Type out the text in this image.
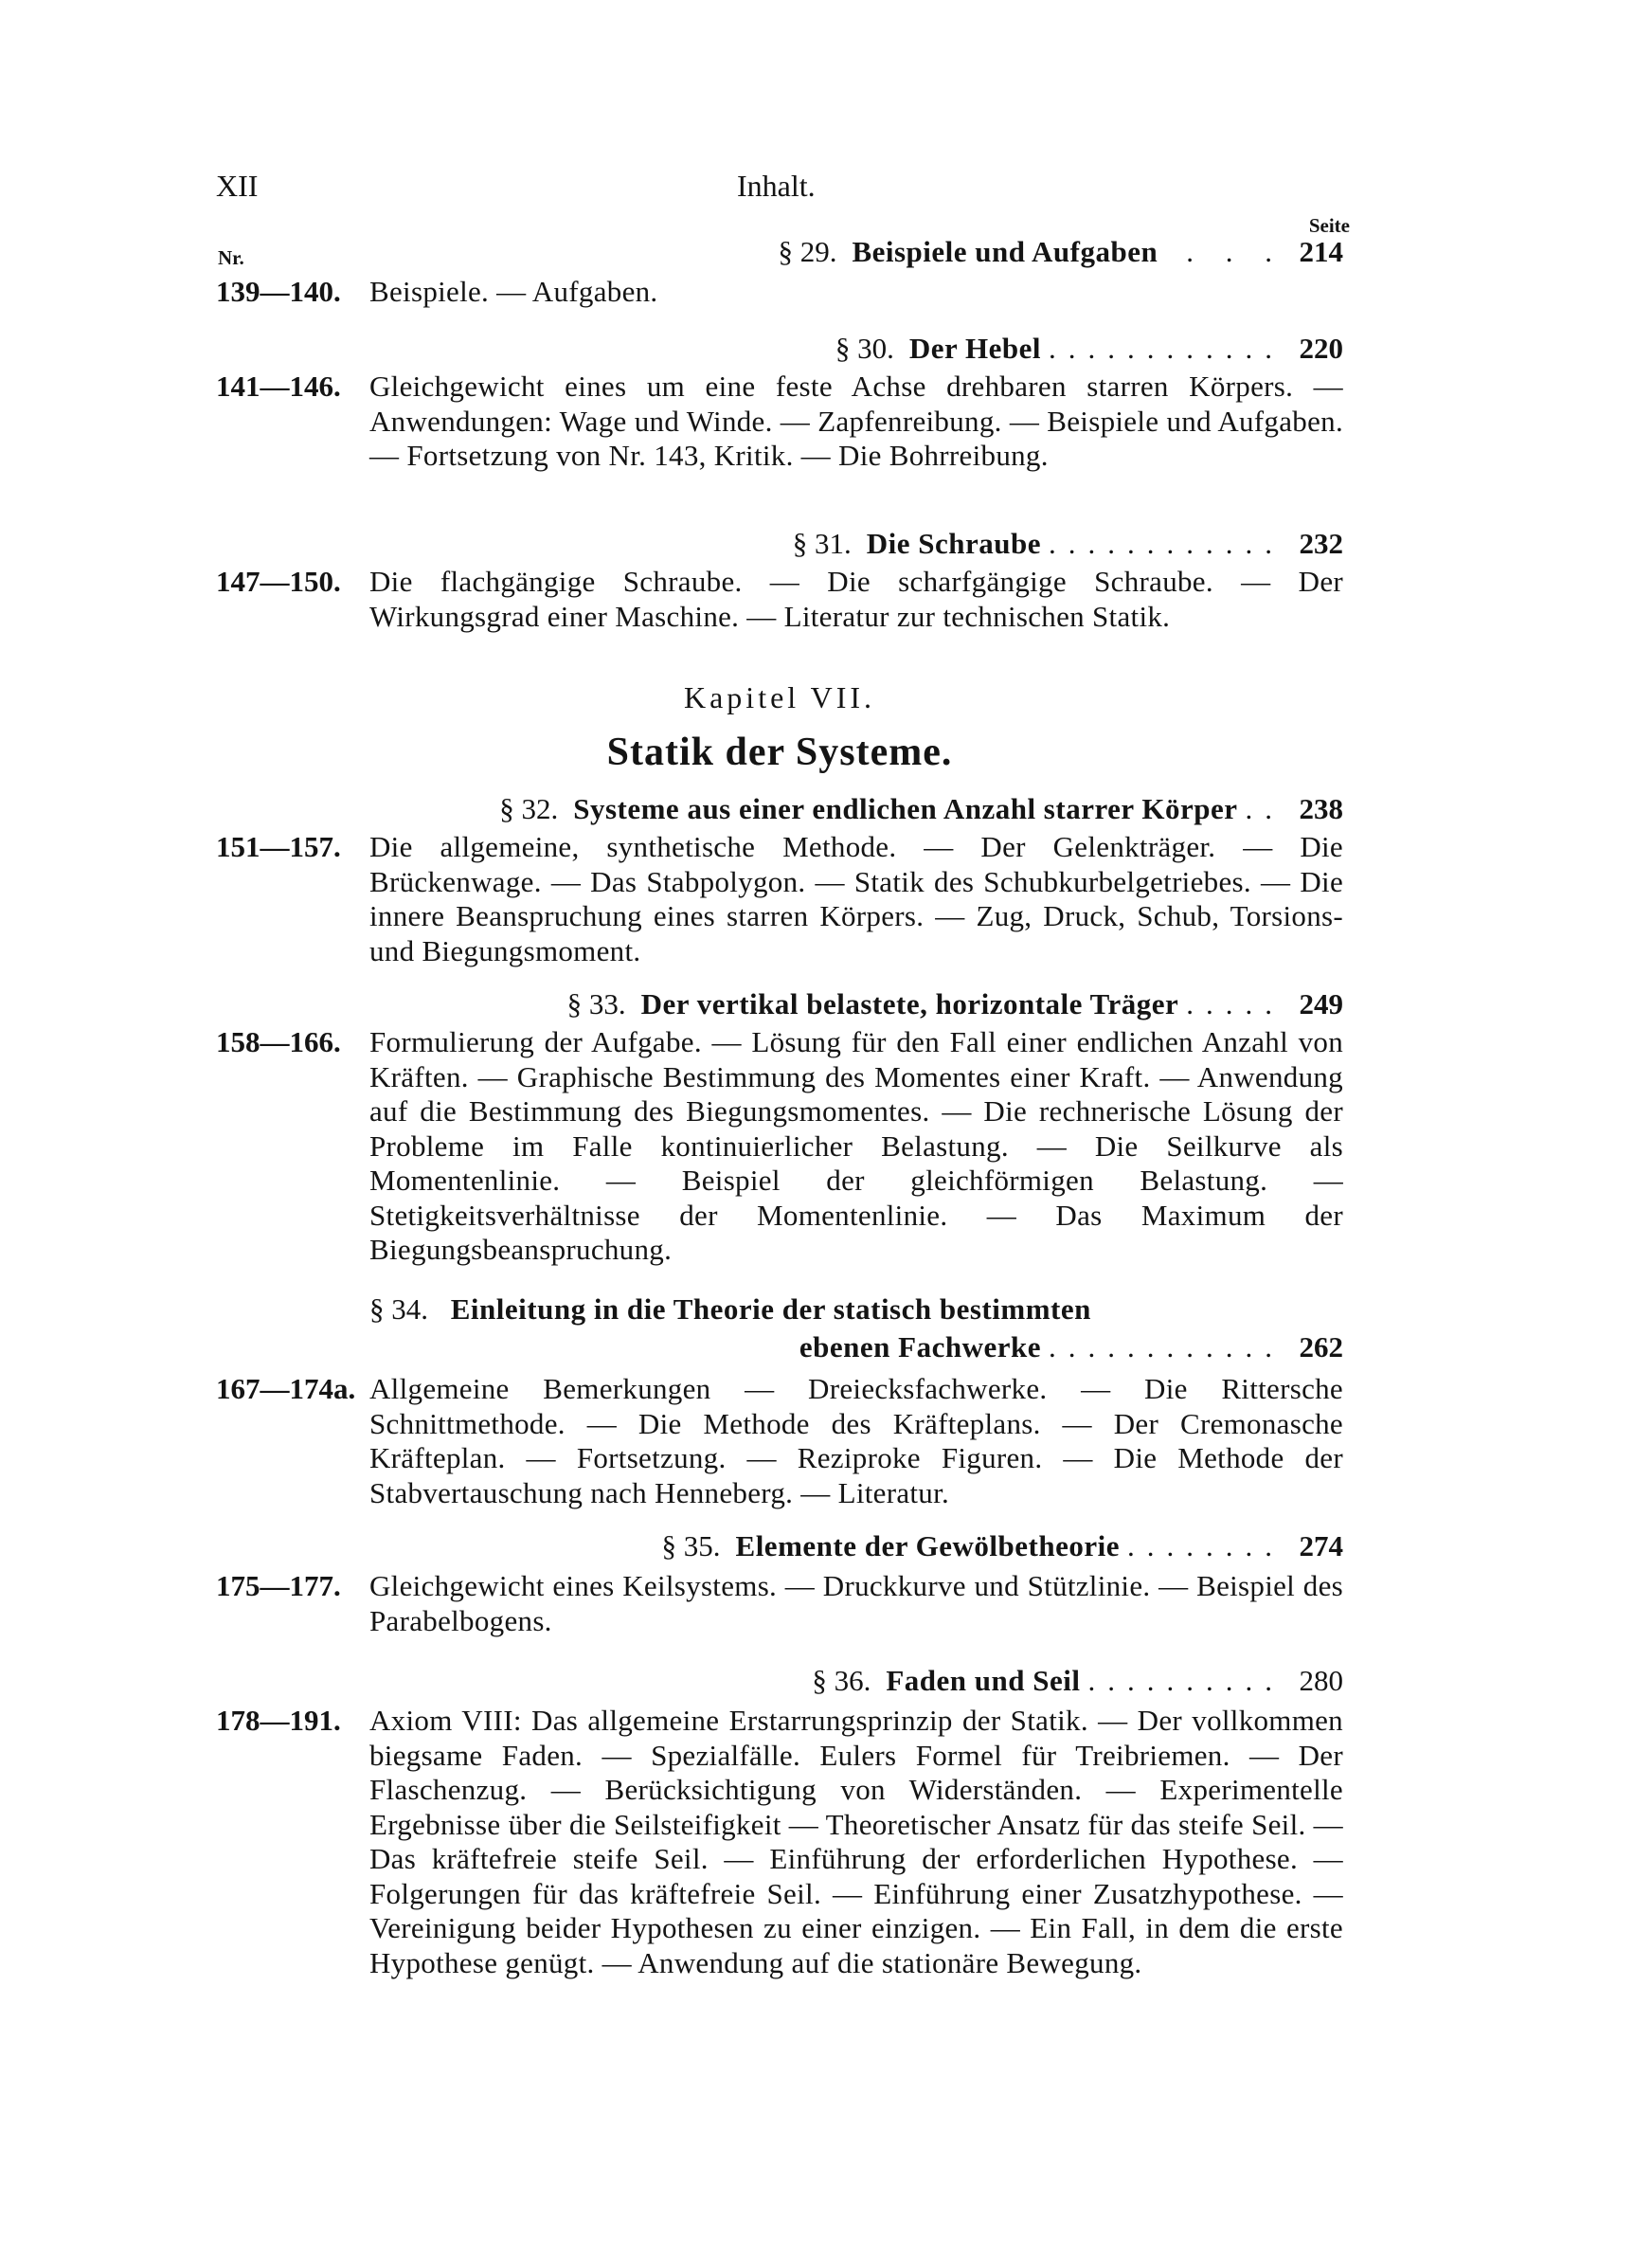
XII	Inhalt.
Seite
Nr.	§ 29. Beispiele und Aufgaben . . . 214
139—140. Beispiele. — Aufgaben.
§ 30. Der Hebel ............ 220
141—146. Gleichgewicht eines um eine feste Achse drehbaren starren Körpers. — Anwendungen: Wage und Winde. — Zapfenreibung. — Beispiele und Aufgaben. — Fortsetzung von Nr. 143, Kritik. — Die Bohrreibung.
§ 31. Die Schraube ............ 232
147—150. Die flachgängige Schraube. — Die scharfgängige Schraube. — Der Wirkungsgrad einer Maschine. — Literatur zur technischen Statik.
Kapitel VII.
Statik der Systeme.
§ 32. Systeme aus einer endlichen Anzahl starrer Körper .. 238
151—157. Die allgemeine, synthetische Methode. — Der Gelenkträger. — Die Brückenwage. — Das Stabpolygon. — Statik des Schubkurbelgetriebes. — Die innere Beanspruchung eines starren Körpers. — Zug, Druck, Schub, Torsions- und Biegungsmoment.
§ 33. Der vertikal belastete, horizontale Träger ..... 249
158—166. Formulierung der Aufgabe. — Lösung für den Fall einer endlichen Anzahl von Kräften. — Graphische Bestimmung des Momentes einer Kraft. — Anwendung auf die Bestimmung des Biegungsmomentes. — Die rechnerische Lösung der Probleme im Falle kontinuierlicher Belastung. — Die Seilkurve als Momentenlinie. — Beispiel der gleichförmigen Belastung. — Stetigkeitsverhältnisse der Momentenlinie. — Das Maximum der Biegungsbeanspruchung.
§ 34. Einleitung in die Theorie der statisch bestimmten
ebenen Fachwerke ............ 262
167—174a. Allgemeine Bemerkungen — Dreiecksfachwerke. — Die Rittersche Schnittmethode. — Die Methode des Kräfteplans. — Der Cremonasche Kräfteplan. — Fortsetzung. — Reziproke Figuren. — Die Methode der Stabvertauschung nach Henneberg. — Literatur.
§ 35. Elemente der Gewölbetheorie ........ 274
175—177. Gleichgewicht eines Keilsystems. — Druckkurve und Stützlinie. — Beispiel des Parabelbogens.
§ 36. Faden und Seil .......... 280
178—191. Axiom VIII: Das allgemeine Erstarrungsprinzip der Statik. — Der vollkommen biegsame Faden. — Spezialfälle. Eulers Formel für Treibriemen. — Der Flaschenzug. — Berücksichtigung von Widerständen. — Experimentelle Ergebnisse über die Seilsteifigkeit — Theoretischer Ansatz für das steife Seil. — Das kräftefreie steife Seil. — Einführung der erforderlichen Hypothese. — Folgerungen für das kräftefreie Seil. — Einführung einer Zusatzhypothese. — Vereinigung beider Hypothesen zu einer einzigen. — Ein Fall, in dem die erste Hypothese genügt. — Anwendung auf die stationäre Bewegung.
